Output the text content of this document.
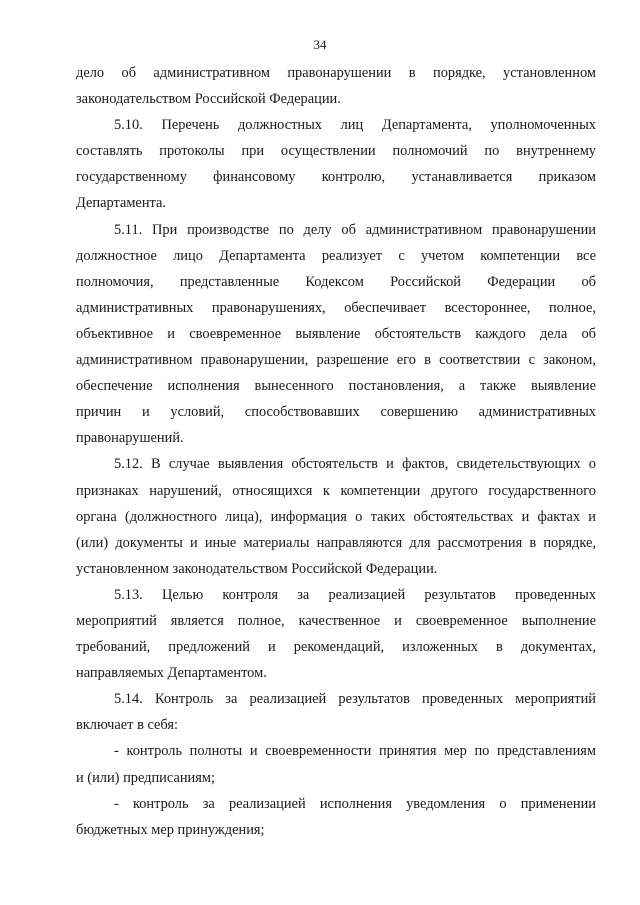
34
дело об административном правонарушении в порядке, установленном
законодательством Российской Федерации.
5.10. Перечень должностных лиц Департамента, уполномоченных
составлять протоколы при осуществлении полномочий по внутреннему
государственному финансовому контролю, устанавливается приказом
Департамента.
5.11. При производстве по делу об административном правонарушении
должностное лицо Департамента реализует с учетом компетенции все
полномочия, представленные Кодексом Российской Федерации об
административных правонарушениях, обеспечивает всестороннее, полное,
объективное и своевременное выявление обстоятельств каждого дела об
административном правонарушении, разрешение его в соответствии с законом,
обеспечение исполнения вынесенного постановления, а также выявление
причин и условий, способствовавших совершению административных
правонарушений.
5.12. В случае выявления обстоятельств и фактов, свидетельствующих о
признаках нарушений, относящихся к компетенции другого государственного
органа (должностного лица), информация о таких обстоятельствах и фактах и
(или) документы и иные материалы направляются для рассмотрения в порядке,
установленном законодательством Российской Федерации.
5.13. Целью контроля за реализацией результатов проведенных
мероприятий является полное, качественное и своевременное выполнение
требований, предложений и рекомендаций, изложенных в документах,
направляемых Департаментом.
5.14. Контроль за реализацией результатов проведенных мероприятий
включает в себя:
- контроль полноты и своевременности принятия мер по представлениям
и (или) предписаниям;
- контроль за реализацией исполнения уведомления о применении
бюджетных мер принуждения;
